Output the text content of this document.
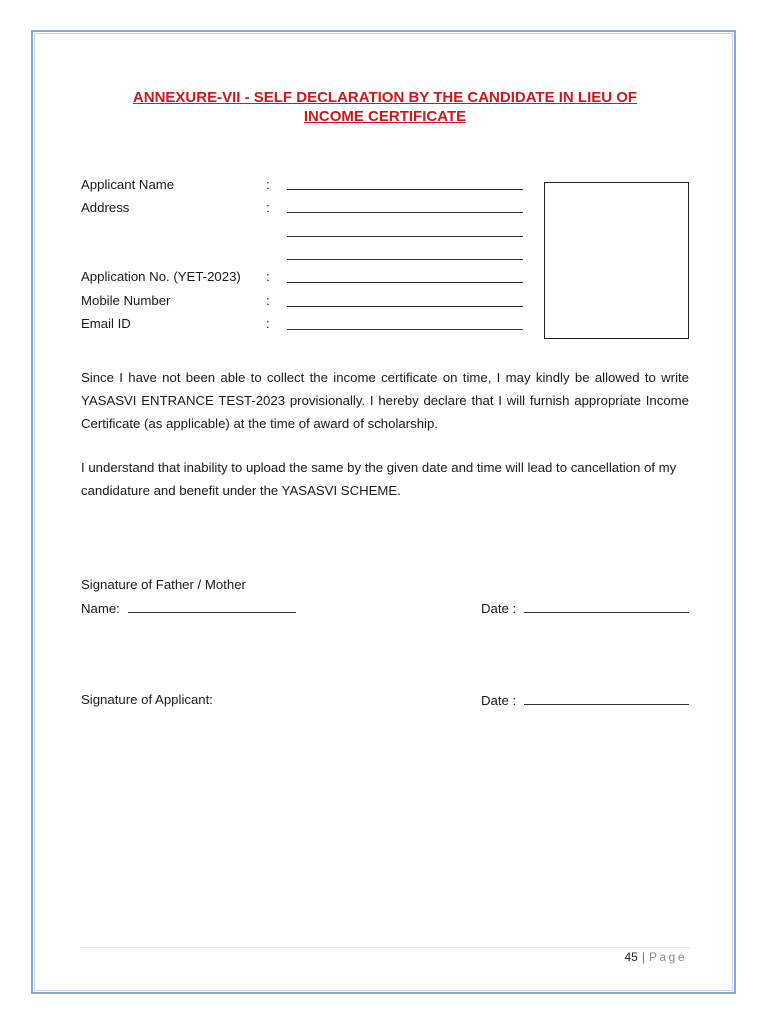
ANNEXURE-VII - SELF DECLARATION BY THE CANDIDATE IN LIEU OF
INCOME CERTIFICATE
Applicant Name	:
Address	:
Application No. (YET-2023) :
Mobile Number	:
Email ID	:
Since I have not been able to collect the income certificate on time, I may kindly be allowed to write YASASVI ENTRANCE TEST-2023 provisionally. I hereby declare that I will furnish appropriate Income Certificate (as applicable) at the time of award of scholarship.
I understand that inability to upload the same by the given date and time will lead to cancellation of my candidature and benefit under the YASASVI SCHEME.
Signature of Father / Mother
Name:	Date :
Signature of Applicant:	Date :
45 | Page
